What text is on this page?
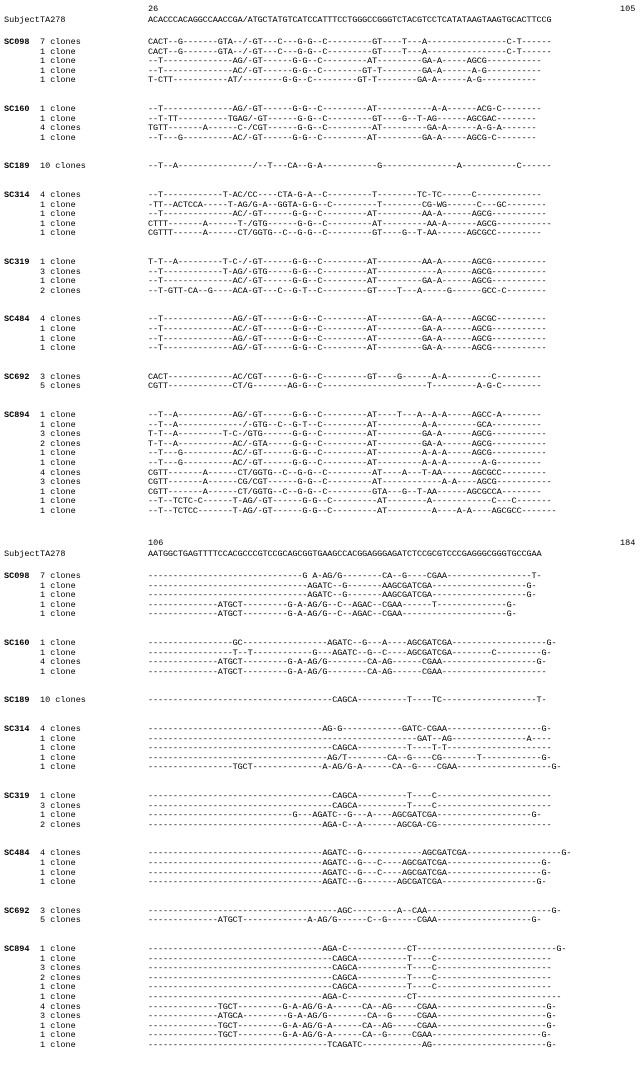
26	105
Subject TA278	ACACCCACAGGCCAACCGA/ATGCTATGTCATCCATTTCCTGGGCCGGGTCTACGTCCTCATATAAGTAAGTGCACTTCCG
SC098 7 clones	CACT--G-------GTA--/-GT---C---G-G--C---------GT----T---A----------------C-T------
1 clone	CACT--G-------GTA--/-GT---C---G-G--C---------GT----T---A----------------C-T------
1 clone	--T--------------AG/-GT------G-G--C---------AT---------GA-A-----AGCG-----------
1 clone	--T--------------AC/-GT------G-G--C--------GT-T--------GA-A------A-G-----------
1 clone	T-CTT-----------AT/--------G-G--C---------GT-T--------GA-A------A-G-----------
SC160 1 clone	--T--------------AG/-GT------G-G--C---------AT-----------A-A------ACG-C--------
1 clone	--T-TT----------TGAG/-GT------G-G--C---------GT----G--T-AG------AGCGAC--------
4 clones	TGTT-------A------C-/CGT------G-G--C---------AT---------GA-A------A-G-A-------
1 clone	--T---G----------AC/-GT------G-G--C---------AT---------GA-A-----AGCG-C--------
SC189 10 clones	--T--A---------------/--T---CA--G-A-----------G---------------A-----------C------
SC314 4 clones	--T------------T-AC/CC----CTA-G-A--C---------T--------TC-TC------C-------------
1 clone	-TT--ACTCCA-----T-AG/G-A--GGTA-G-G--C---------T--------CG-WG------C---GC--------
1 clone	--T--------------AC/-GT------G-G--C---------AT---------AA-A------AGCG-----------
1 clone	CTTT-------A------T-/GTG------G-G--C---------AT---------AA-A------AGCG-----------
1 clone	CGTTT------A------CT/GGTG--C--G-G--C---------GT----G--T-AA------AGCGCC---------
SC319 1 clone	T-T--A---------T-C-/-GT------G-G--C---------AT---------AA-A------AGCG-----------
3 clones	--T------------T-AG/-GTG-----G-G--C---------AT------------A------AGCG-----------
1 clone	--T--------------AC/-GT------G-G--C---------AT---------GA-A------AGCG-----------
2 clones	--T-GTT-CA--G----ACA-GT---C--G-T--C---------GT----T---A-----G------GCC-C--------
SC484 4 clones	--T--------------AG/-GT------G-G--C---------AT---------GA-A------AGCGC----------
1 clone	--T--------------AC/-GT------G-G--C---------AT---------GA-A------AGCG-----------
1 clone	--T--------------AG/-GT------G-G--C---------AT---------GA-A------AGCG-----------
1 clone	--T--------------AG/-GT------G-G--C---------AT---------GA-A------AGCG-----------
SC692 3 clones	CACT-------------AC/CGT------G-G--C---------GT----G------A-A---------C---------
5 clones	CGTT-------------CT/G-------AG-G--C---------------------T---------A-G-C--------
SC894 1 clone	--T--A-----------AG/-GT------G-G--C---------AT----T---A--A-A-----AGCC-A--------
1 clone	--T--A-------------/-GTG--C--G-T--C---------AT---------A-A--------GCA----------
3 clones	T-T--A---------T-C-/GTG------G-G--C---------AT---------GA-A------AGCG-----------
2 clones	T-T--A-----------AC/-GTA-----G-G--C---------AT---------GA-A------AGCG-----------
1 clone	--T---G----------AC/-GT------G-G--C---------AT---------A-A-A-----AGCG-----------
1 clone	--T---G----------AC/-GT------G-G--C---------AT---------A-A-A-------A-G---------
4 clones	CGTT-------A------CT/GGTG--C--G-G--C---------AT----A---T-AA------AGCGCC---------
3 clones	CGTT-------A------CG/CGT------G-G--C---------AT------------A-A----AGCG-----------
1 clone	CGTT-------A------CT/GGTG--C--G-G--C---------GTA---G--T-AA------AGCGCCA--------
1 clone	--T--TCTC-C------T-AG/-GT------G-G--C---------AT--------A------------C---C-------
1 clone	--T--TCTCC-------T-AG/-GT------G-G--C---------AT---------A----A-A----AGCGCC-------
106	184
Subject TA278	AATGGCTGAGTTTTCCACGCCCGTCCGCAGCGGTGAAGCCACGGAGGGAGATCTCCGCGTCCCGAGGGCGGGTGCCGAA
SC098 7 clones	-------------------------------G A-AG/G--------CA--G----CGAA-----------------T-
1 clone	--------------------------------AGATC--G-------AAGCGATCGA-------------------G-
1 clone	--------------------------------AGATC--G-------AAGCGATCGA-------------------G-
1 clone	--------------ATGCT---------G-A-AG/G--C--AGAC--CGAA------T--------------G-
1 clone	--------------ATGCT---------G-A-AG/G--C--AGAC--CGAA---------------------G-
SC160 1 clone	-----------------GC-----------------AGATC--G---A----AGCGATCGA-------------------G-
1 clone	-----------------T--T------------G---AGATC--G--C----AGCGATCGA--------C---------G-
4 clones	--------------ATGCT---------G-A-AG/G--------CA-AG------CGAA-------------------G-
1 clone	--------------ATGCT---------G-A-AG/G--------CA-AG------CGAA---------------------
SC189 10 clones	-------------------------------------CAGCA----------T----TC-------------------T-
SC314 4 clones	-----------------------------------AG-G------------GATC-CGAA-------------------G-
1 clone	------------------------------------------------------GAT--AG---------------A----
1 clone	-------------------------------------CAGCA----------T----T-T---------------------
1 clone	------------------------------------AG/T--------CA--G----CG-------T------------G-
1 clone	-----------------TGCT--------------A-AG/G-A------CA--G----CGAA-------------------G-
SC319 1 clone	-------------------------------------CAGCA----------T----C-----------------------
3 clones	-------------------------------------CAGCA----------T----C-----------------------
1 clone	-----------------------------G---AGATC--G---A----AGCGATCGA-------------------G-
2 clones	-----------------------------------AGA-C--A-------AGCGA-CG-----------------------
SC484 4 clones	-----------------------------------AGATC--G------------AGCGATCGA-------------------G-
1 clone	-----------------------------------AGATC--G---C----AGCGATCGA-------------------G-
1 clone	-----------------------------------AGATC--G---C----AGCGATCGA-------------------G-
1 clone	-----------------------------------AGATC--G-------AGCGATCGA-------------------G-
SC692 3 clones	--------------------------------------AGC---------A--CAA-------------------------G-
5 clones	--------------ATGCT-------------A-AG/G------C--G------CGAA-------------------G-
SC894 1 clone	-----------------------------------AGA-C------------CT----------------------------G-
1 clone	-------------------------------------CAGCA----------T----C-----------------------
3 clones	-------------------------------------CAGCA----------T----C-----------------------
2 clones	-------------------------------------CAGCA----------T----C-----------------------
1 clone	-------------------------------------CAGCA----------T----C-----------------------
1 clone	-----------------------------------AGA-C------------CT-----------------------------
4 clones	--------------TGCT---------G-A-AG/G-A------CA--AG-----CGAA----------------------G-
3 clones	--------------ATGCA---------G-A-AG/G--------CA--G-----CGAA----------------------G-
1 clone	--------------TGCT---------G-A-AG/G-A------CA--AG-----CGAA----------------------G-
1 clone	--------------TGCT---------G-A-AG/G-A------CA--G-----CGAA----------------------G-
1 clone	------------------------------------TCAGATC------------AG-----------------------G-
